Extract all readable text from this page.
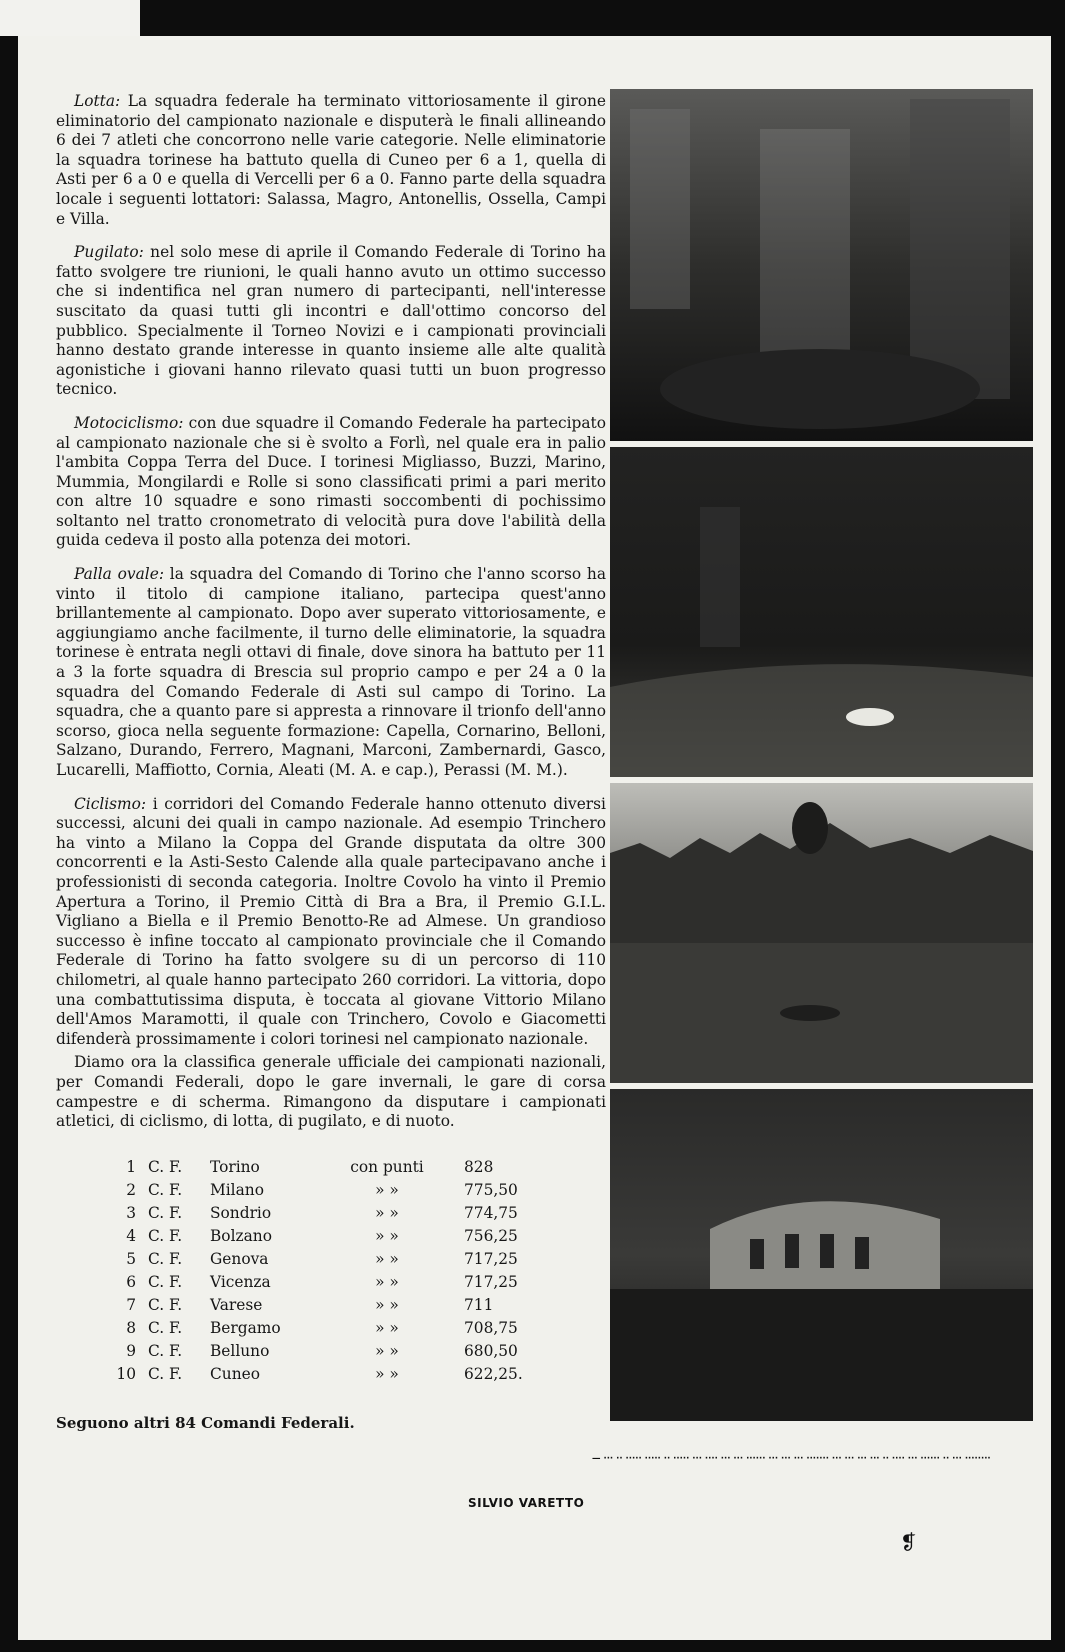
Lotta: La squadra federale ha terminato vittoriosamente il girone eliminatorio del campionato nazionale e disputerà le finali allineando 6 dei 7 atleti che concorrono nelle varie categorie. Nelle eliminatorie la squadra torinese ha battuto quella di Cuneo per 6 a 1, quella di Asti per 6 a 0 e quella di Vercelli per 6 a 0. Fanno parte della squadra locale i seguenti lottatori: Salassa, Magro, Antonellis, Ossella, Campi e Villa.

Pugilato: nel solo mese di aprile il Comando Federale di Torino ha fatto svolgere tre riunioni, le quali hanno avuto un ottimo successo che si indentifica nel gran numero di partecipanti, nell'interesse suscitato da quasi tutti gli incontri e dall'ottimo concorso del pubblico. Specialmente il Torneo Novizi e i campionati provinciali hanno destato grande interesse in quanto insieme alle alte qualità agonistiche i giovani hanno rilevato quasi tutti un buon progresso tecnico.

Motociclismo: con due squadre il Comando Federale ha partecipato al campionato nazionale che si è svolto a Forlì, nel quale era in palio l'ambita Coppa Terra del Duce. I torinesi Migliasso, Buzzi, Marino, Mummia, Mongilardi e Rolle si sono classificati primi a pari merito con altre 10 squadre e sono rimasti soccombenti di pochissimo soltanto nel tratto cronometrato di velocità pura dove l'abilità della guida cedeva il posto alla potenza dei motori.

Palla ovale: la squadra del Comando di Torino che l'anno scorso ha vinto il titolo di campione italiano, partecipa quest'anno brillantemente al campionato. Dopo aver superato vittoriosamente, e aggiungiamo anche facilmente, il turno delle eliminatorie, la squadra torinese è entrata negli ottavi di finale, dove sinora ha battuto per 11 a 3 la forte squadra di Brescia sul proprio campo e per 24 a 0 la squadra del Comando Federale di Asti sul campo di Torino. La squadra, che a quanto pare si appresta a rinnovare il trionfo dell'anno scorso, gioca nella seguente formazione: Capella, Cornarino, Belloni, Salzano, Durando, Ferrero, Magnani, Marconi, Zambernardi, Gasco, Lucarelli, Maffiotto, Cornia, Aleati (M. A. e cap.), Perassi (M. M.).

Ciclismo: i corridori del Comando Federale hanno ottenuto diversi successi, alcuni dei quali in campo nazionale. Ad esempio Trinchero ha vinto a Milano la Coppa del Grande disputata da oltre 300 concorrenti e la Asti-Sesto Calende alla quale partecipavano anche i professionisti di seconda categoria. Inoltre Covolo ha vinto il Premio Apertura a Torino, il Premio Città di Bra a Bra, il Premio G.I.L. Vigliano a Biella e il Premio Benotto-Re ad Almese. Un grandioso successo è infine toccato al campionato provinciale che il Comando Federale di Torino ha fatto svolgere su di un percorso di 110 chilometri, al quale hanno partecipato 260 corridori. La vittoria, dopo una combattutissima disputa, è toccata al giovane Vittorio Milano dell'Amos Maramotti, il quale con Trinchero, Covolo e Giacometti difenderà prossimamente i colori torinesi nel campionato nazionale.

Diamo ora la classifica generale ufficiale dei campionati nazionali, per Comandi Federali, dopo le gare invernali, le gare di corsa campestre e di scherma. Rimangono da disputare i campionati atletici, di ciclismo, di lotta, di pugilato, e di nuoto.

1	C. F.	Torino	con punti	828
2	C. F.	Milano	» »	775,50
3	C. F.	Sondrio	» »	774,75
4	C. F.	Bolzano	» »	756,25
5	C. F.	Genova	» »	717,25
6	C. F.	Vicenza	» »	717,25
7	C. F.	Varese	» »	711
8	C. F.	Bergamo	» »	708,75
9	C. F.	Belluno	» »	680,50
10	C. F.	Cuneo	» »	622,25.
Seguono altri 84 Comandi Federali.
SILVIO VARETTO
— ··· ·· ····· ····· ·· ····· ··· ···· ··· ··· ······ ··· ··· ··· ······· ··· ··· ··· ··· ·· ···· ··· ······ ·· ··· ········
❡
